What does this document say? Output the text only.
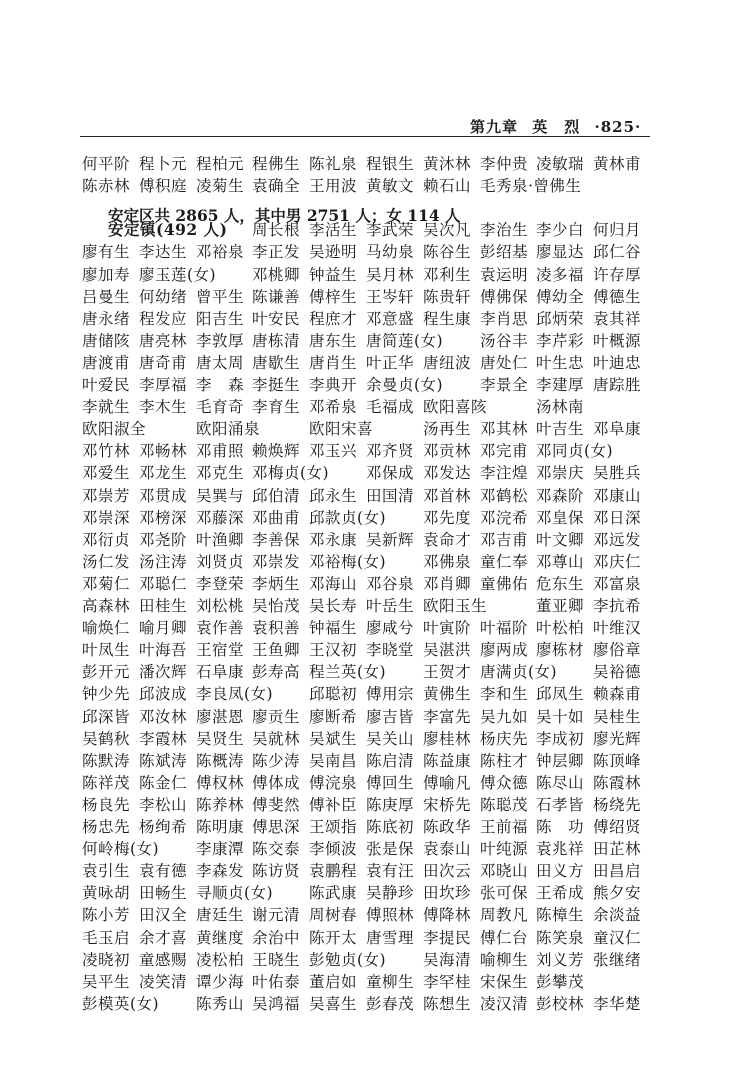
第九章 英　烈 ·825·
安定区共 2865 人，其中男 2751 人；女 114 人
何平阶 程卜元 程柏元 程佛生 陈礼泉 程银生 黄沐林 李仲贵 凌敏瑞 黄林甫
陈赤林 傅积庭 凌菊生 袁确全 王用波 黄敏文 赖石山 毛秀泉·曾佛生
安定镇(492 人) 周长根 李活生 李武荣 吴次凡 李治生 李少白 何归月
廖有生 李达生 邓裕泉 李正发 吴逊明 马幼泉 陈谷生 彭绍基 廖显达 邱仁谷
廖加寿 廖玉莲(女) 邓桃卿 钟益生 吴月林 邓利生 袁运明 凌多福 许存厚
吕曼生 何幼绪 曾平生 陈谦善 傅梓生 王岑轩 陈贵轩 傅佛保 傅幼全 傅德生
唐永绪 程发应 阳吉生 叶安民 程庶才 邓意盛 程生康 李肖思 邱炳荣 袁其祥
唐储陔 唐亮林 李敦厚 唐栋清 唐东生 唐简莲(女) 汤谷丰 李芹彩 叶概源
唐渡甫 唐奇甫 唐太周 唐歇生 唐肖生 叶正华 唐纽波 唐处仁 叶生忠 叶迪忠
叶爱民 李厚福 李　森 李挺生 李典开 余曼贞(女) 李景全 李建厚 唐踪胜
李就生 李木生 毛育奇 李育生 邓希泉 毛福成 欧阳喜陔	汤林南
欧阳淑全	欧阳涌泉	欧阳宋喜	汤再生 邓其林 叶吉生 邓阜康
邓竹林 邓畅林 邓甫照 赖焕辉 邓玉兴 邓齐贤 邓贡林 邓完甫 邓同贞(女)
邓爱生 邓龙生 邓克生 邓梅贞(女) 邓保成 邓发达 李注煌 邓崇庆 吴胜兵
邓崇芳 邓贯成 吴巽与 邱伯清 邱永生 田国清 邓首林 邓鹤松 邓森阶 邓康山
邓崇深 邓榜深 邓藤深 邓曲甫 邱款贞(女) 邓先度 邓浣希 邓皇保 邓日深
邓衍贞 邓尧阶 叶渔卿 李善保 邓永康 吴新辉 袁命才 邓吉甫 叶文卿 邓远发
汤仁发 汤注涛 刘贤贞 邓崇发 邓裕梅(女) 邓佛泉 童仁奉 邓尊山 邓庆仁
邓菊仁 邓聪仁 李登荣 李炳生 邓海山 邓谷泉 邓肖卿 童佛佑 危东生 邓富泉
高森林 田桂生 刘松桃 吴怡茂 吴长寿 叶岳生 欧阳玉生	董亚卿 李抗希
喻焕仁 喻月卿 袁作善 袁积善 钟福生 廖咸兮 叶寅阶 叶福阶 叶松柏 叶维汉
叶凤生 叶海吾 王宿堂 王鱼卿 王汉初 李晓堂 吴湛洪 廖两成 廖栋材 廖俗章
彭开元 潘次辉 石阜康 彭寿高 程兰英(女) 王贺才 唐满贞(女) 吴裕德
钟少先 邱波成 李良凤(女) 邱聪初 傅用宗 黄佛生 李和生 邱凤生 赖森甫
邱深皆 邓汝林 廖湛恩 廖贡生 廖断希 廖吉皆 李富先 吴九如 吴十如 吴桂生
吴鹤秋 李霞林 吴贤生 吴就林 吴斌生 吴关山 廖桂林 杨庆先 李成初 廖光辉
陈默涛 陈斌涛 陈概涛 陈少涛 吴南昌 陈启清 陈益康 陈柱才 钟层卿 陈顶峰
陈祥茂 陈金仁 傅权林 傅体成 傅浣泉 傅回生 傅喻凡 傅众德 陈尽山 陈霞林
杨良先 李松山 陈养林 傅斐然 傅补臣 陈庚厚 宋桥先 陈聪茂 石孝皆 杨绕先
杨忠先 杨绚希 陈明康 傅思深 王颂指 陈底初 陈政华 王前福 陈　功 傅绍贤
何岭梅(女) 李康潭 陈交泰 李倾波 张是保 袁泰山 叶纯源 袁兆祥 田芷林
袁引生 袁有德 李森发 陈访贤 袁鹏程 袁有汪 田次云 邓晓山 田义方 田昌启
黄咏胡 田畅生 寻顺贞(女) 陈武康 吴静珍 田坎珍 张可保 王希成 熊夕安
陈小芳 田汉全 唐廷生 谢元清 周树春 傅照林 傅降林 周教凡 陈樟生 余淡益
毛玉启 余才喜 黄继度 余治中 陈开太 唐雪理 李提民 傅仁台 陈笑泉 童汉仁
凌晓初 童感赐 凌松柏 王晓生 彭勉贞(女) 吴海清 喻柳生 刘义芳 张继绪
吴平生 凌笑清 谭少海 叶佑泰 董启如 童柳生 李罕桂 宋保生 彭攀茂
彭模英(女) 陈秀山 吴鸿福 吴喜生 彭春茂 陈想生 凌汉清 彭校林 李华楚
